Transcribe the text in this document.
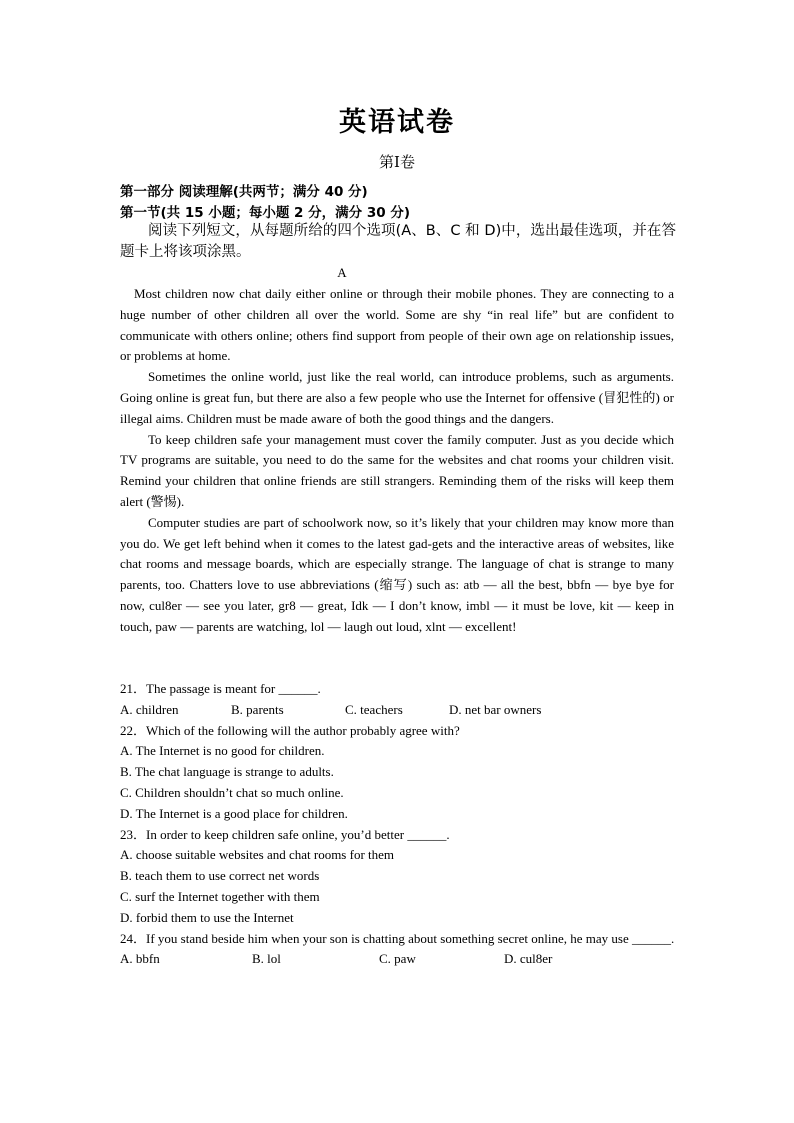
英语试卷
第Ⅰ卷
第一部分 阅读理解(共两节；满分 40 分)
第一节(共 15 小题；每小题 2 分，满分 30 分)
阅读下列短文，从每题所给的四个选项(A、B、C 和 D)中，选出最佳选项，并在答题卡上将该项涂黑。
A

Most children now chat daily either online or through their mobile phones. They are connecting to a huge number of other children all over the world. Some are shy “in real life” but are confident to communicate with others online; others find support from people of their own age on relationship issues, or problems at home.

Sometimes the online world, just like the real world, can introduce problems, such as arguments. Going online is great fun, but there are also a few people who use the Internet for offensive (冒犯性的) or illegal aims. Children must be made aware of both the good things and the dangers.

To keep children safe your management must cover the family computer. Just as you decide which TV programs are suitable, you need to do the same for the websites and chat rooms your children visit. Remind your children that online friends are still strangers. Reminding them of the risks will keep them alert (警惕).

Computer studies are part of schoolwork now, so it’s likely that your children may know more than you do. We get left behind when it comes to the latest gad-gets and the interactive areas of websites, like chat rooms and message boards, which are especially strange. The language of chat is strange to many parents, too. Chatters love to use abbreviations (缩写) such as: atb — all the best, bbfn — bye bye for now, cul8er — see you later, gr8 — great, Idk — I don’t know, imbl — it must be love, kit — keep in touch, paw — parents are watching, lol — laugh out loud, xlnt — excellent!

21．The passage is meant for ______.
A. children	B. parents	C. teachers	D. net bar owners
22．Which of the following will the author probably agree with?
A. The Internet is no good for children.
B. The chat language is strange to adults.
C. Children shouldn’t chat so much online.
D. The Internet is a good place for children.
23．In order to keep children safe online, you’d better ______.
A. choose suitable websites and chat rooms for them
B. teach them to use correct net words
C. surf the Internet together with them
D. forbid them to use the Internet
24．If you stand beside him when your son is chatting about something secret online, he may use ______.
A. bbfn	B. lol	C. paw	D. cul8er
